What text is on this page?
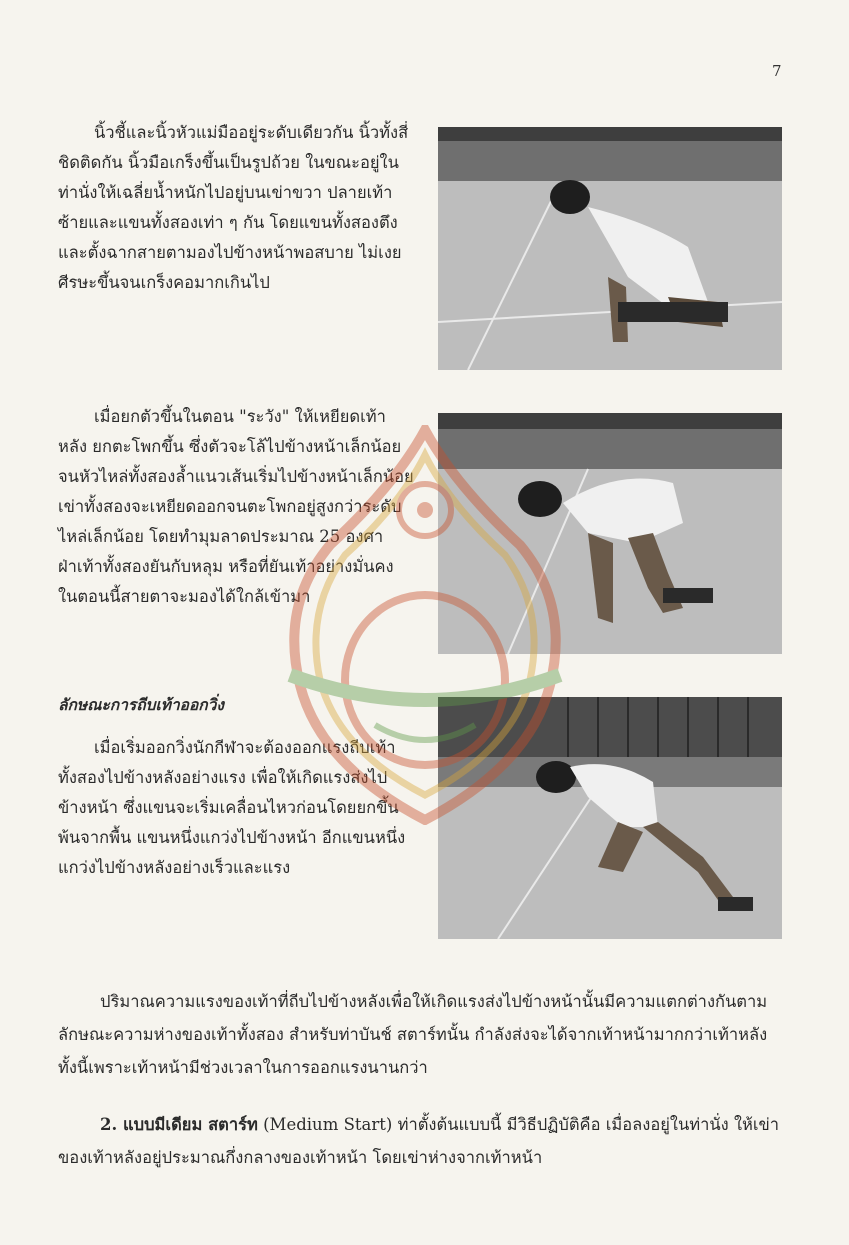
7
นิ้วชี้และนิ้วหัวแม่มืออยู่ระดับเดียวกัน นิ้วทั้งสี่ชิดติดกัน นิ้วมือเกร็งขึ้นเป็นรูปถ้วย ในขณะอยู่ในท่านั่งให้เฉลี่ยน้ำหนักไปอยู่บนเข่าขวา ปลายเท้าซ้ายและแขนทั้งสองเท่า ๆ กัน โดยแขนทั้งสองตึงและตั้งฉากสายตามองไปข้างหน้าพอสบาย ไม่เงยศีรษะขึ้นจนเกร็งคอมากเกินไป
เมื่อยกตัวขึ้นในตอน "ระวัง" ให้เหยียดเท้าหลัง ยกตะโพกขึ้น ซึ่งตัวจะโล้ไปข้างหน้าเล็กน้อยจนหัวไหล่ทั้งสองล้ำแนวเส้นเริ่มไปข้างหน้าเล็กน้อย เข่าทั้งสองจะเหยียดออกจนตะโพกอยู่สูงกว่าระดับไหล่เล็กน้อย โดยทำมุมลาดประมาณ 25 องศา ฝ่าเท้าทั้งสองยันกับหลุม หรือที่ยันเท้าอย่างมั่นคง ในตอนนี้สายตาจะมองได้ใกล้เข้ามา
ลักษณะการถีบเท้าออกวิ่ง
เมื่อเริ่มออกวิ่งนักกีฬาจะต้องออกแรงถีบเท้าทั้งสองไปข้างหลังอย่างแรง เพื่อให้เกิดแรงส่งไปข้างหน้า ซึ่งแขนจะเริ่มเคลื่อนไหวก่อนโดยยกขึ้นพ้นจากพื้น แขนหนึ่งแกว่งไปข้างหน้า อีกแขนหนึ่งแกว่งไปข้างหลังอย่างเร็วและแรง
ปริมาณความแรงของเท้าที่ถีบไปข้างหลังเพื่อให้เกิดแรงส่งไปข้างหน้านั้นมีความแตกต่างกันตามลักษณะความห่างของเท้าทั้งสอง สำหรับท่าบันช์ สตาร์ทนั้น กำลังส่งจะได้จากเท้าหน้ามากกว่าเท้าหลัง ทั้งนี้เพราะเท้าหน้ามีช่วงเวลาในการออกแรงนานกว่า
2. แบบมีเดียม สตาร์ท (Medium Start) ท่าตั้งต้นแบบนี้ มีวิธีปฏิบัติคือ เมื่อลงอยู่ในท่านั่ง ให้เข่าของเท้าหลังอยู่ประมาณกึ่งกลางของเท้าหน้า โดยเข่าห่างจากเท้าหน้า
